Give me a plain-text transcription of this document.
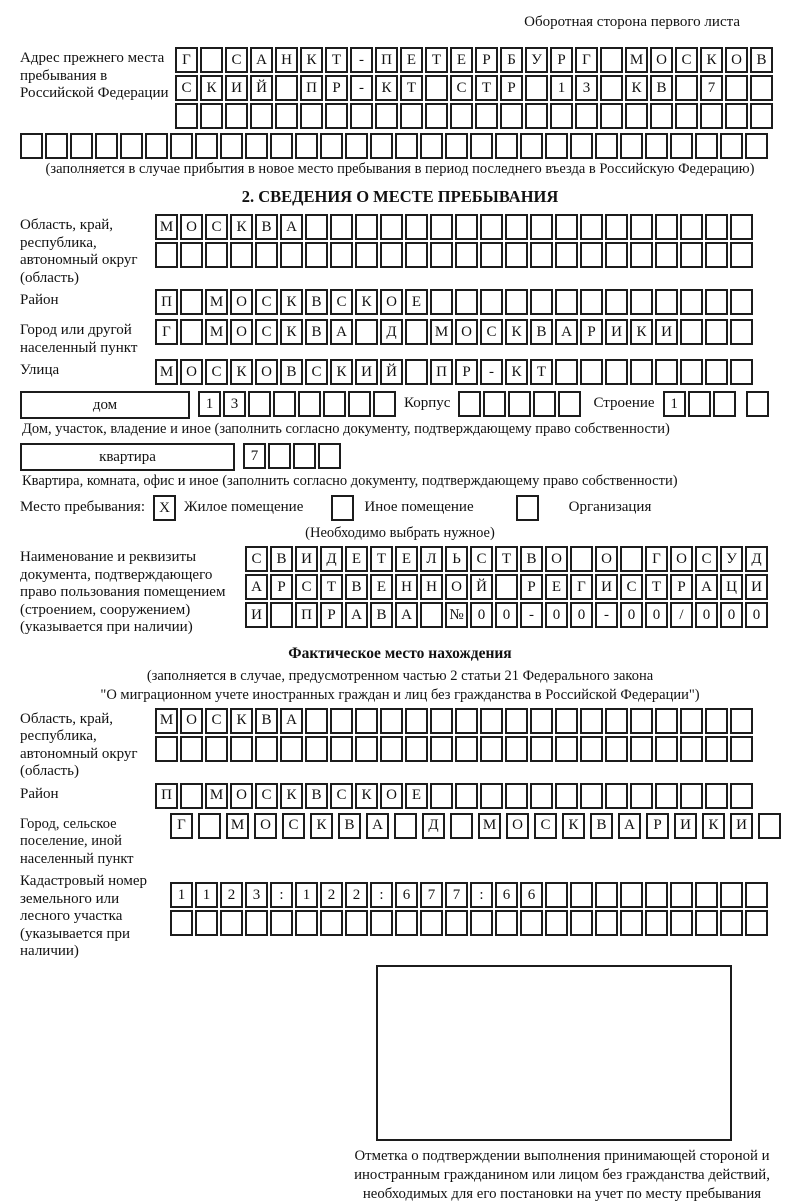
Оборотная сторона первого листа
Адрес прежнего места пребывания в Российской Федерации
Г	С А Н К	Т	-	П Е	Т	Е	Р	Б	У	Р	Г	М О С К О В
С К И Й	П	Р	-	К	Т	С	Т	Р	1	3	К В	7
(заполняется в случае прибытия в новое место пребывания в период последнего въезда в Российскую Федерацию)
2. СВЕДЕНИЯ О МЕСТЕ ПРЕБЫВАНИЯ
Область, край, республика, автономный округ (область)
М О С К В А
Район	П	М О С К В С К О Е
Город или другой населенный пункт
Г	М О С К В А	Д	М О С К В А	Р	И К И
Улица	М О С К О В С К И Й	П	Р	-	К	Т
дом	1	3	Корпус	Строение	1
Дом, участок, владение и иное (заполнить согласно документу, подтверждающему право собственности)
квартира	7
Квартира, комната, офис и иное (заполнить согласно документу, подтверждающему право собственности)
Место пребывания: X Жилое помещение	Иное помещение	Организация
(Необходимо выбрать нужное)
Наименование и реквизиты документа, подтверждающего право пользования помещением (строением, сооружением) (указывается при наличии)
С В И Д	Е	Т	Е	Л	Ь	С	Т	В О	О	Г	О С У Д
А	Р	С	Т	В	Е	Н Н О Й	Р	Е	Г	И С	Т	Р	А Ц И
И	П	Р	А В А	№ 0	0	-	0	0	-	0	0	/	0	0	0
Фактическое место нахождения
(заполняется в случае, предусмотренном частью 2 статьи 21 Федерального закона
"О миграционном учете иностранных граждан и лиц без гражданства в Российской Федерации")
Область, край, республика, автономный округ (область)
М О С К В А
Район	П	М О С К В С К О Е
Город, сельское поселение, иной населенный пункт
Г	М	О	С	К	В	А	Д	М	О	С	К	В	А	Р	И	К	И
Кадастровый номер земельного или лесного участка (указывается при наличии)
1	1	2	3	:	1	2	2	:	6	7	7	:	6	6
Отметка о подтверждении выполнения принимающей стороной и иностранным гражданином или лицом без гражданства действий, необходимых для его постановки на учет по месту пребывания
